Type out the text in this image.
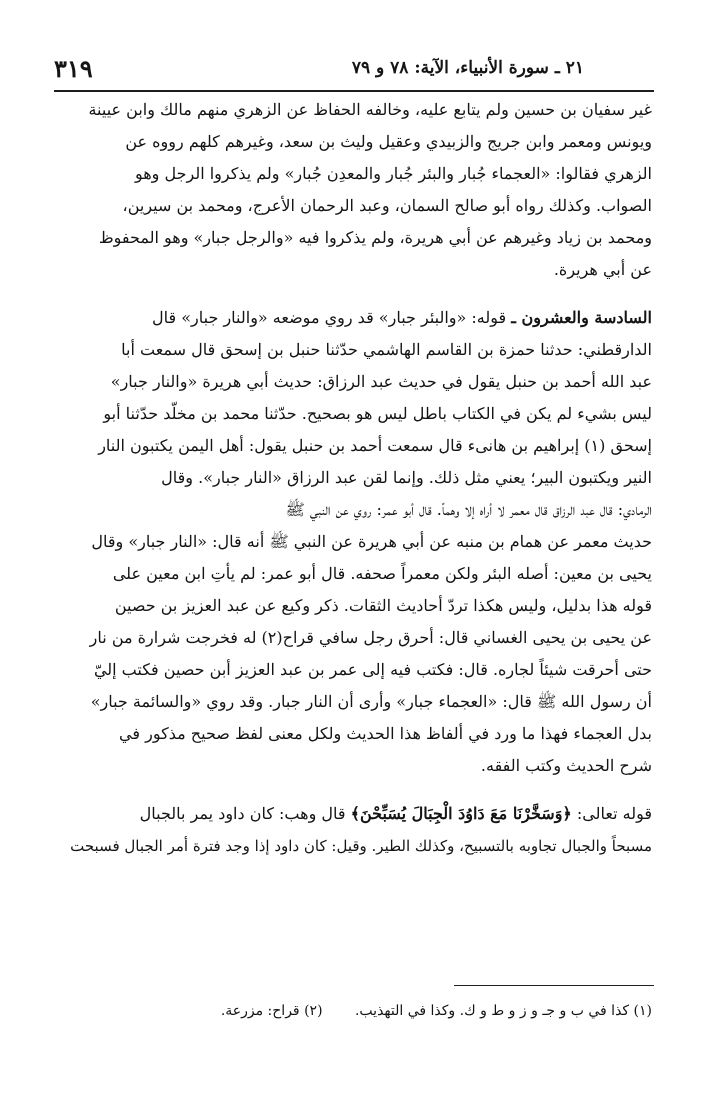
٣١٩	٢١ ـ سورة الأنبياء، الآية: ٧٨ و ٧٩
غير سفيان بن حسين ولم يتابع عليه، وخالفه الحفاظ عن الزهري منهم مالك وابن عيينة
ويونس ومعمر وابن جريج والزبيدي وعقيل وليث بن سعد، وغيرهم كلهم رووه عن
الزهري فقالوا: «العجماء جُبار والبئر جُبار والمعدِن جُبار» ولم يذكروا الرجل وهو
الصواب. وكذلك رواه أبو صالح السمان، وعبد الرحمان الأعرج، ومحمد بن سيرين،
ومحمد بن زياد وغيرهم عن أبي هريرة، ولم يذكروا فيه «والرجل جبار» وهو المحفوظ
عن أبي هريرة.
السادسة والعشرون ـ قوله: «والبئر جبار» قد روي موضعه «والنار جبار» قال
الدارقطني: حدثنا حمزة بن القاسم الهاشمي حدّثنا حنبل بن إسحق قال سمعت أبا
عبد الله أحمد بن حنبل يقول في حديث عبد الرزاق: حديث أبي هريرة «والنار جبار»
ليس بشيء لم يكن في الكتاب باطل ليس هو بصحيح. حدّثنا محمد بن مخلّد حدّثنا أبو
إسحق (١) إبراهيم بن هانىء قال سمعت أحمد بن حنبل يقول: أهل اليمن يكتبون النار
النير ويكتبون البير؛ يعني مثل ذلك. وإنما لقن عبد الرزاق «النار جبار». وقال
الرمادي: قال عبد الرزاق قال معمر لا أراه إلا وهماً. قال أبو عمر: روي عن النبي ﷺ
حديث معمر عن همام بن منبه عن أبي هريرة عن النبي ﷺ أنه قال: «النار جبار» وقال
يحيى بن معين: أصله البئر ولكن معمراً صحفه. قال أبو عمر: لم يأتِ ابن معين على
قوله هذا بدليل، وليس هكذا تردّ أحاديث الثقات. ذكر وكيع عن عبد العزيز بن حصين
عن يحيى بن يحيى الغساني قال: أحرق رجل سافي قراح(٢) له فخرجت شرارة من نار
حتى أحرقت شيئاً لجاره. قال: فكتب فيه إلى عمر بن عبد العزيز أبن حصين فكتب إليّ
أن رسول الله ﷺ قال: «العجماء جبار» وأرى أن النار جبار. وقد روي «والسائمة جبار»
بدل العجماء فهذا ما ورد في ألفاظ هذا الحديث ولكل معنى لفظ صحيح مذكور في
شرح الحديث وكتب الفقه.
قوله تعالى: ﴿وَسَخَّرْنَا مَعَ دَاوُدَ الْجِبَالَ يُسَبِّحْنَ﴾ قال وهب: كان داود يمر بالجبال
مسبحاً والجبال تجاوبه بالتسبيح، وكذلك الطير. وقيل: كان داود إذا وجد فترة أمر الجبال فسبحت
(١) كذا في ب و جـ و ز و ط و ك. وكذا في التهذيب. (٢) قراح: مزرعة.
